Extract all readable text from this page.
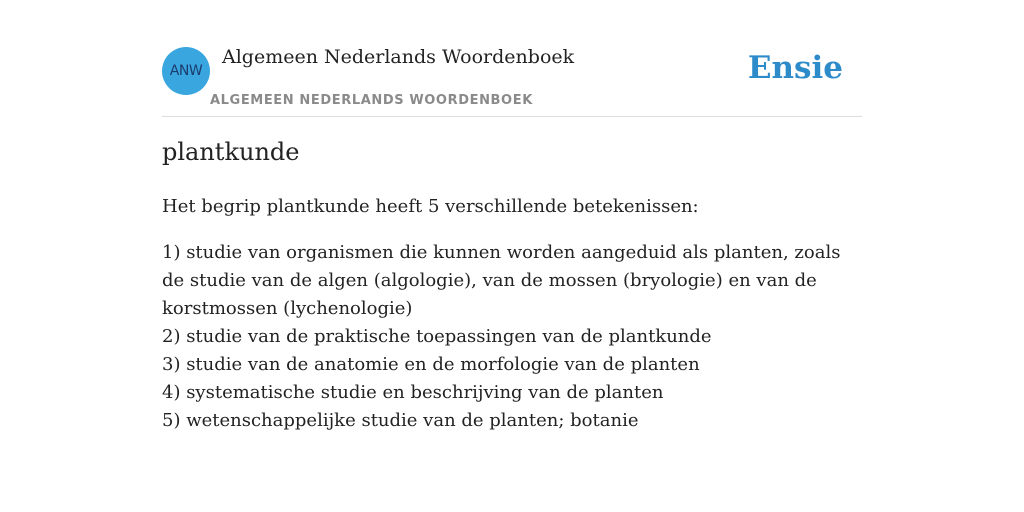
ANW
Algemeen Nederlands Woordenboek
ALGEMEEN NEDERLANDS WOORDENBOEK
Ensie
plantkunde

Het begrip plantkunde heeft 5 verschillende betekenissen:

1) studie van organismen die kunnen worden aangeduid als planten, zoals de studie van de algen (algologie), van de mossen (bryologie) en van de korstmossen (lychenologie)
2) studie van de praktische toepassingen van de plantkunde
3) studie van de anatomie en de morfologie van de planten
4) systematische studie en beschrijving van de planten
5) wetenschappelijke studie van de planten; botanie
